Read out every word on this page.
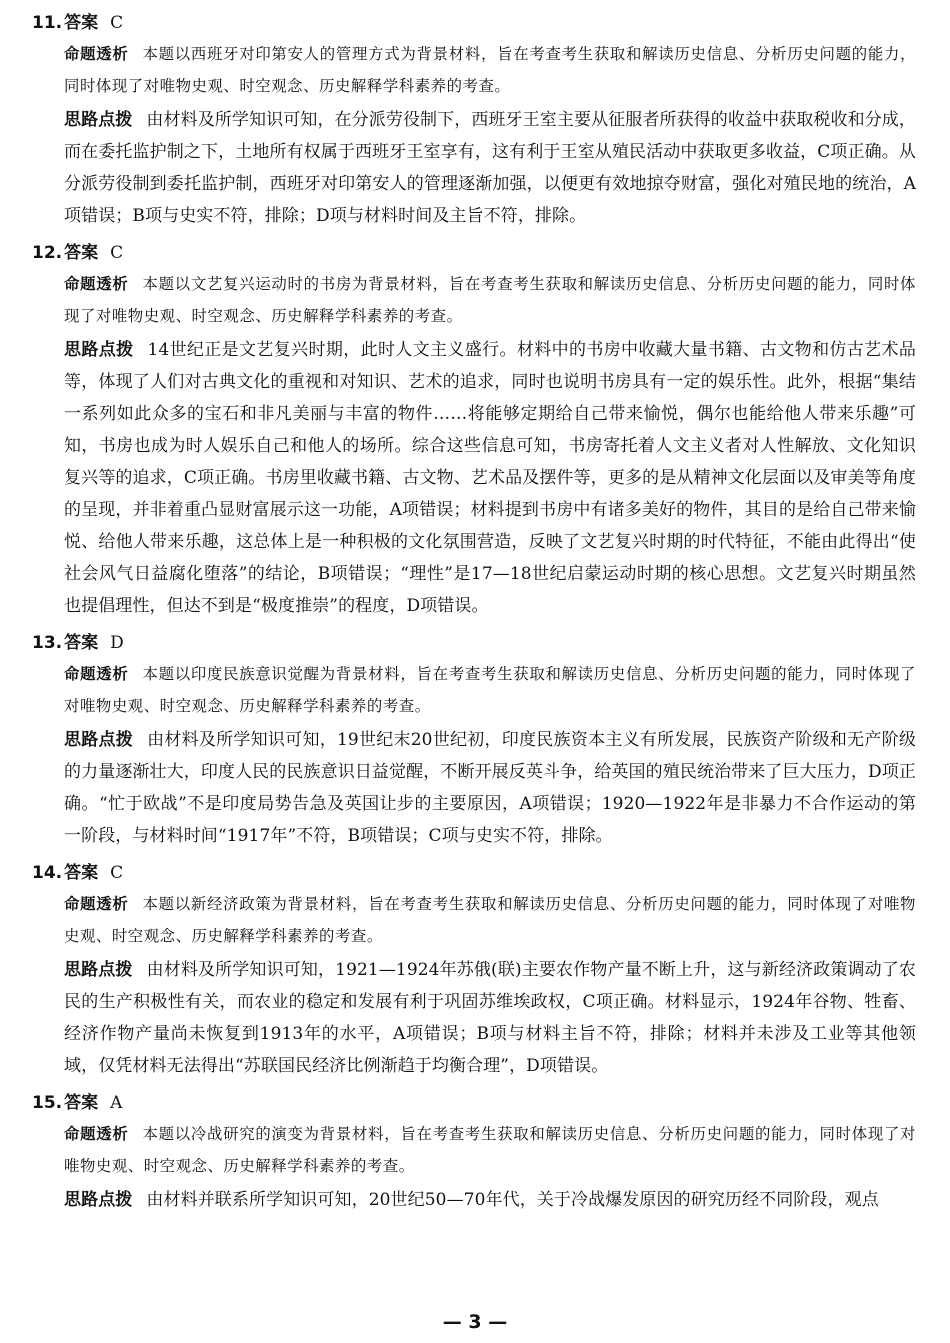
11. 答案 C

命题透析 本题以西班牙对印第安人的管理方式为背景材料，旨在考查考生获取和解读历史信息、分析历史问题的能力，同时体现了对唯物史观、时空观念、历史解释学科素养的考查。

思路点拨 由材料及所学知识可知，在分派劳役制下，西班牙王室主要从征服者所获得的收益中获取税收和分成，而在委托监护制之下，土地所有权属于西班牙王室享有，这有利于王室从殖民活动中获取更多收益，C项正确。从分派劳役制到委托监护制，西班牙对印第安人的管理逐渐加强，以便更有效地掠夺财富，强化对殖民地的统治，A项错误；B项与史实不符，排除；D项与材料时间及主旨不符，排除。

12. 答案 C

命题透析 本题以文艺复兴运动时的书房为背景材料，旨在考查考生获取和解读历史信息、分析历史问题的能力，同时体现了对唯物史观、时空观念、历史解释学科素养的考查。

思路点拨 14世纪正是文艺复兴时期，此时人文主义盛行。材料中的书房中收藏大量书籍、古文物和仿古艺术品等，体现了人们对古典文化的重视和对知识、艺术的追求，同时也说明书房具有一定的娱乐性。此外，根据“集结一系列如此众多的宝石和非凡美丽与丰富的物件……将能够定期给自己带来愉悦，偶尔也能给他人带来乐趣”可知，书房也成为时人娱乐自己和他人的场所。综合这些信息可知，书房寄托着人文主义者对人性解放、文化知识复兴等的追求，C项正确。书房里收藏书籍、古文物、艺术品及摆件等，更多的是从精神文化层面以及审美等角度的呈现，并非着重凸显财富展示这一功能，A项错误；材料提到书房中有诸多美好的物件，其目的是给自己带来愉悦、给他人带来乐趣，这总体上是一种积极的文化氛围营造，反映了文艺复兴时期的时代特征，不能由此得出“使社会风气日益腐化堕落”的结论，B项错误；“理性”是17—18世纪启蒙运动时期的核心思想。文艺复兴时期虽然也提倡理性，但达不到是“极度推崇”的程度，D项错误。

13. 答案 D

命题透析 本题以印度民族意识觉醒为背景材料，旨在考查考生获取和解读历史信息、分析历史问题的能力，同时体现了对唯物史观、时空观念、历史解释学科素养的考查。

思路点拨 由材料及所学知识可知，19世纪末20世纪初，印度民族资本主义有所发展，民族资产阶级和无产阶级的力量逐渐壮大，印度人民的民族意识日益觉醒，不断开展反英斗争，给英国的殖民统治带来了巨大压力，D项正确。“忙于欧战”不是印度局势告急及英国让步的主要原因，A项错误；1920—1922年是非暴力不合作运动的第一阶段，与材料时间“1917年”不符，B项错误；C项与史实不符，排除。

14. 答案 C

命题透析 本题以新经济政策为背景材料，旨在考查考生获取和解读历史信息、分析历史问题的能力，同时体现了对唯物史观、时空观念、历史解释学科素养的考查。

思路点拨 由材料及所学知识可知，1921—1924年苏俄(联)主要农作物产量不断上升，这与新经济政策调动了农民的生产积极性有关，而农业的稳定和发展有利于巩固苏维埃政权，C项正确。材料显示，1924年谷物、牲畜、经济作物产量尚未恢复到1913年的水平，A项错误；B项与材料主旨不符，排除；材料并未涉及工业等其他领域，仅凭材料无法得出“苏联国民经济比例渐趋于均衡合理”，D项错误。

15. 答案 A

命题透析 本题以冷战研究的演变为背景材料，旨在考查考生获取和解读历史信息、分析历史问题的能力，同时体现了对唯物史观、时空观念、历史解释学科素养的考查。

思路点拨 由材料并联系所学知识可知，20世纪50—70年代，关于冷战爆发原因的研究历经不同阶段，观点

— 3 —
